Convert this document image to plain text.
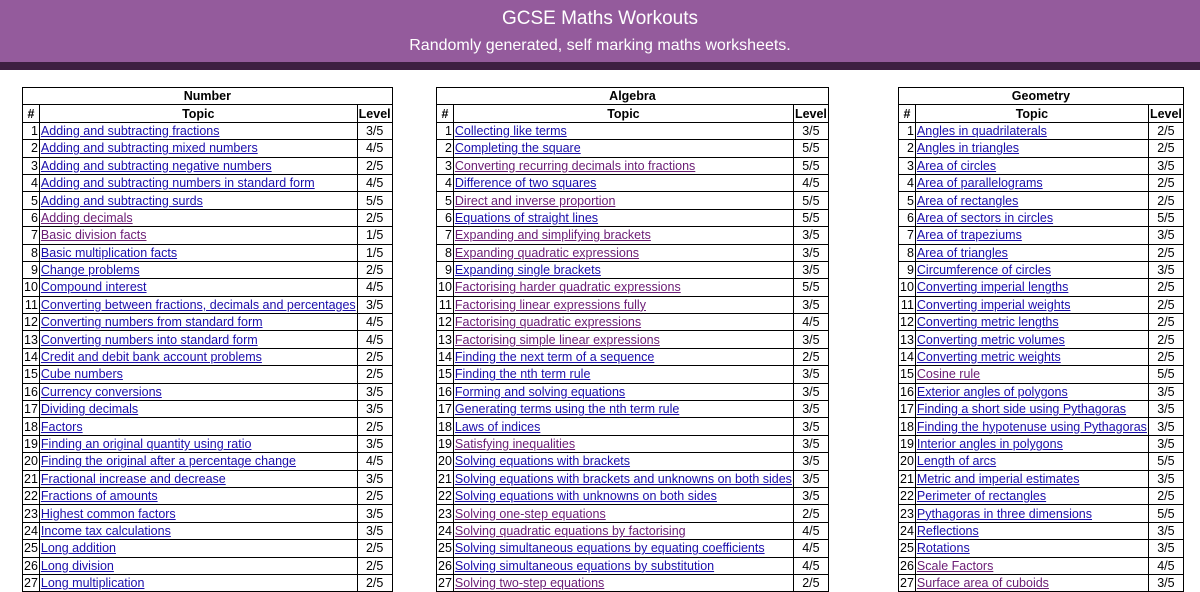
GCSE Maths Workouts
Randomly generated, self marking maths worksheets.
Number		
#	Topic	Level
1	Adding and subtracting fractions	3/5
2	Adding and subtracting mixed numbers	4/5
3	Adding and subtracting negative numbers	2/5
4	Adding and subtracting numbers in standard form	4/5
5	Adding and subtracting surds	5/5
6	Adding decimals	2/5
7	Basic division facts	1/5
8	Basic multiplication facts	1/5
9	Change problems	2/5
10	Compound interest	4/5
11	Converting between fractions, decimals and percentages	3/5
12	Converting numbers from standard form	4/5
13	Converting numbers into standard form	4/5
14	Credit and debit bank account problems	2/5
15	Cube numbers	2/5
16	Currency conversions	3/5
17	Dividing decimals	3/5
18	Factors	2/5
19	Finding an original quantity using ratio	3/5
20	Finding the original after a percentage change	4/5
21	Fractional increase and decrease	3/5
22	Fractions of amounts	2/5
23	Highest common factors	3/5
24	Income tax calculations	3/5
25	Long addition	2/5
26	Long division	2/5
27	Long multiplication	2/5
Algebra		
#	Topic	Level
1	Collecting like terms	3/5
2	Completing the square	5/5
3	Converting recurring decimals into fractions	5/5
4	Difference of two squares	4/5
5	Direct and inverse proportion	5/5
6	Equations of straight lines	5/5
7	Expanding and simplifying brackets	3/5
8	Expanding quadratic expressions	3/5
9	Expanding single brackets	3/5
10	Factorising harder quadratic expressions	5/5
11	Factorising linear expressions fully	3/5
12	Factorising quadratic expressions	4/5
13	Factorising simple linear expressions	3/5
14	Finding the next term of a sequence	2/5
15	Finding the nth term rule	3/5
16	Forming and solving equations	3/5
17	Generating terms using the nth term rule	3/5
18	Laws of indices	3/5
19	Satisfying inequalities	3/5
20	Solving equations with brackets	3/5
21	Solving equations with brackets and unknowns on both sides	3/5
22	Solving equations with unknowns on both sides	3/5
23	Solving one-step equations	2/5
24	Solving quadratic equations by factorising	4/5
25	Solving simultaneous equations by equating coefficients	4/5
26	Solving simultaneous equations by substitution	4/5
27	Solving two-step equations	2/5
Geometry		
#	Topic	Level
1	Angles in quadrilaterals	2/5
2	Angles in triangles	2/5
3	Area of circles	3/5
4	Area of parallelograms	2/5
5	Area of rectangles	2/5
6	Area of sectors in circles	5/5
7	Area of trapeziums	3/5
8	Area of triangles	2/5
9	Circumference of circles	3/5
10	Converting imperial lengths	2/5
11	Converting imperial weights	2/5
12	Converting metric lengths	2/5
13	Converting metric volumes	2/5
14	Converting metric weights	2/5
15	Cosine rule	5/5
16	Exterior angles of polygons	3/5
17	Finding a short side using Pythagoras	3/5
18	Finding the hypotenuse using Pythagoras	3/5
19	Interior angles in polygons	3/5
20	Length of arcs	5/5
21	Metric and imperial estimates	3/5
22	Perimeter of rectangles	2/5
23	Pythagoras in three dimensions	5/5
24	Reflections	3/5
25	Rotations	3/5
26	Scale Factors	4/5
27	Surface area of cuboids	3/5
